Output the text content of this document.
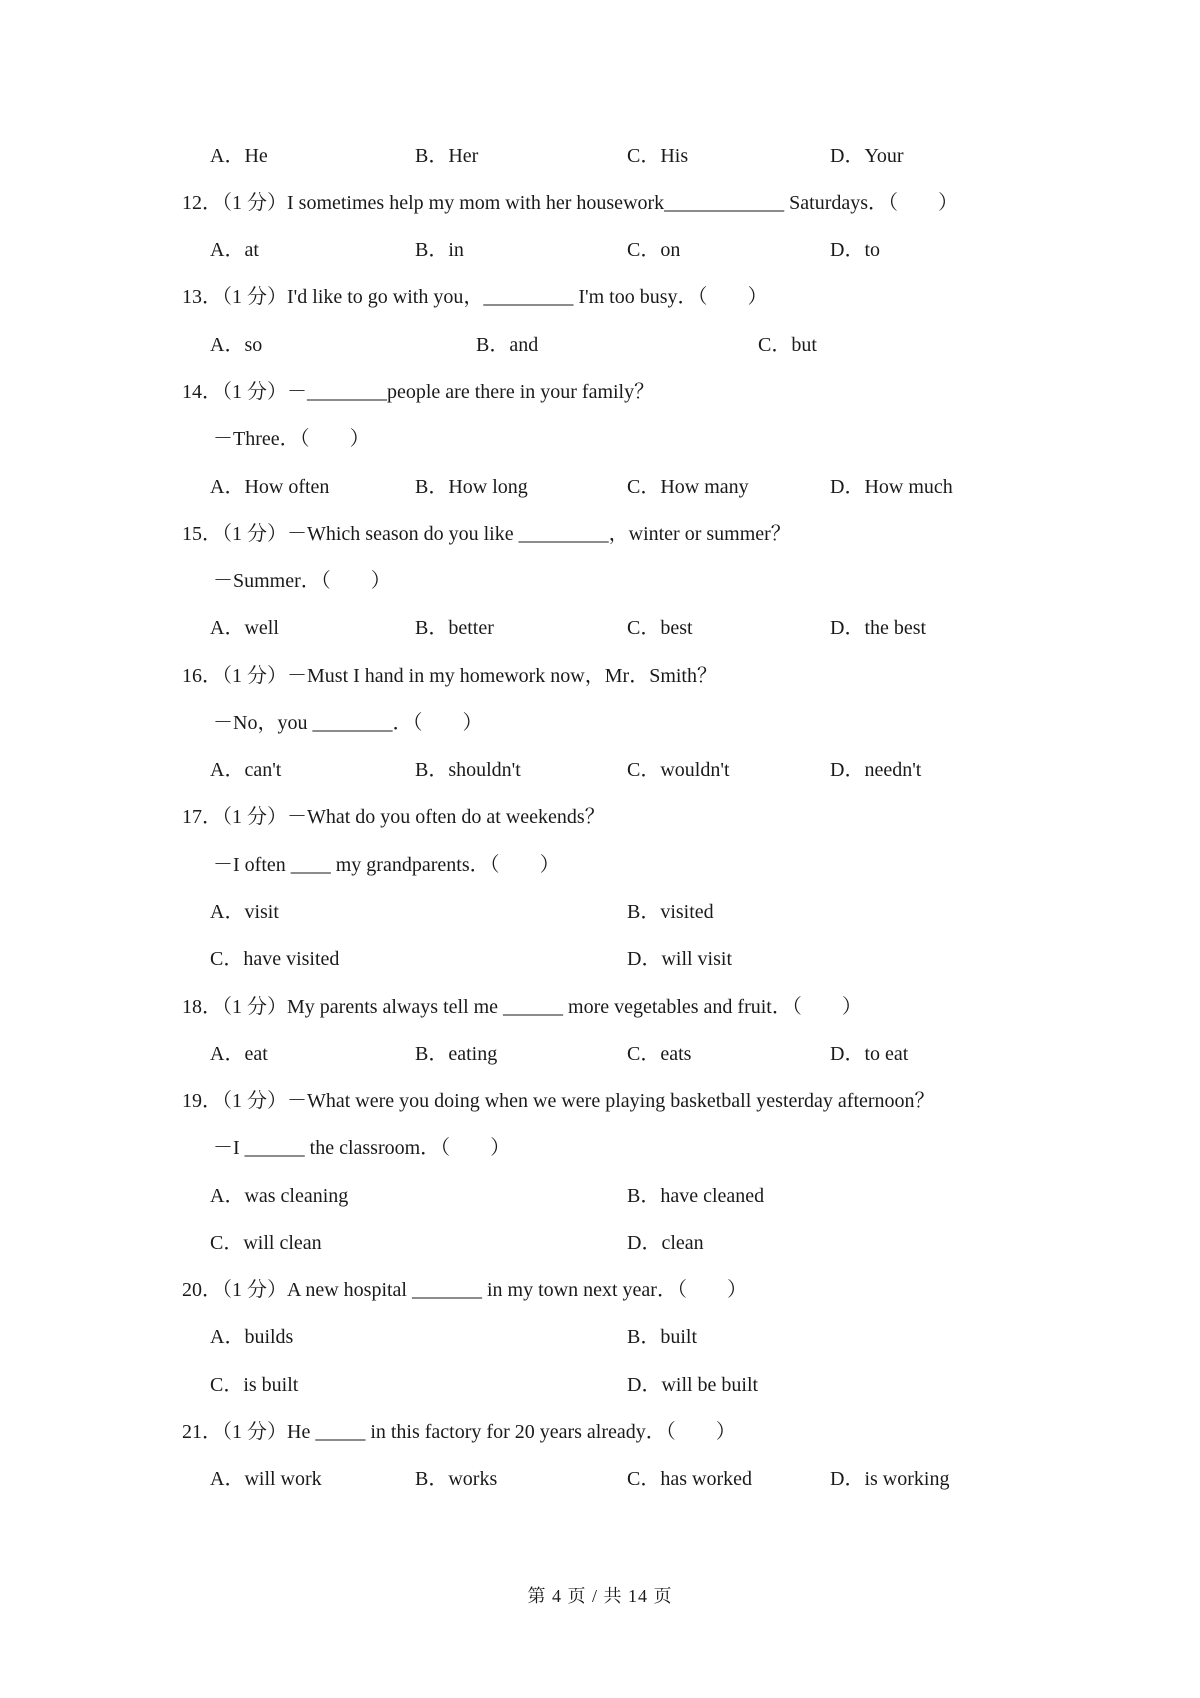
A．He	B．Her	C．His	D．Your
12．（1 分）I sometimes help my mom with her housework____________ Saturdays．（　　）
A．at	B．in	C．on	D．to
13．（1 分）I'd like to go with you，_________ I'm too busy．（　　）
A．so	B．and	C．but
14．（1 分）－________people are there in your family？
－Three．（　　）
A．How often	B．How long	C．How many	D．How much
15．（1 分）－Which season do you like _________，winter or summer？
－Summer．（　　）
A．well	B．better	C．best	D．the best
16．（1 分）－Must I hand in my homework now，Mr．Smith？
－No，you ________．（　　）
A．can't	B．shouldn't	C．wouldn't	D．needn't
17．（1 分）－What do you often do at weekends？
－I often ____ my grandparents．（　　）
A．visit	B．visited
C．have visited	D．will visit
18．（1 分）My parents always tell me ______ more vegetables and fruit．（　　）
A．eat	B．eating	C．eats	D．to eat
19．（1 分）－What were you doing when we were playing basketball yesterday afternoon？
－I ______ the classroom．（　　）
A．was cleaning	B．have cleaned
C．will clean	D．clean
20．（1 分）A new hospital _______ in my town next year．（　　）
A．builds	B．built
C．is built	D．will be built
21．（1 分）He _____ in this factory for 20 years already．（　　）
A．will work	B．works	C．has worked	D．is working
第 4 页 / 共 14 页
